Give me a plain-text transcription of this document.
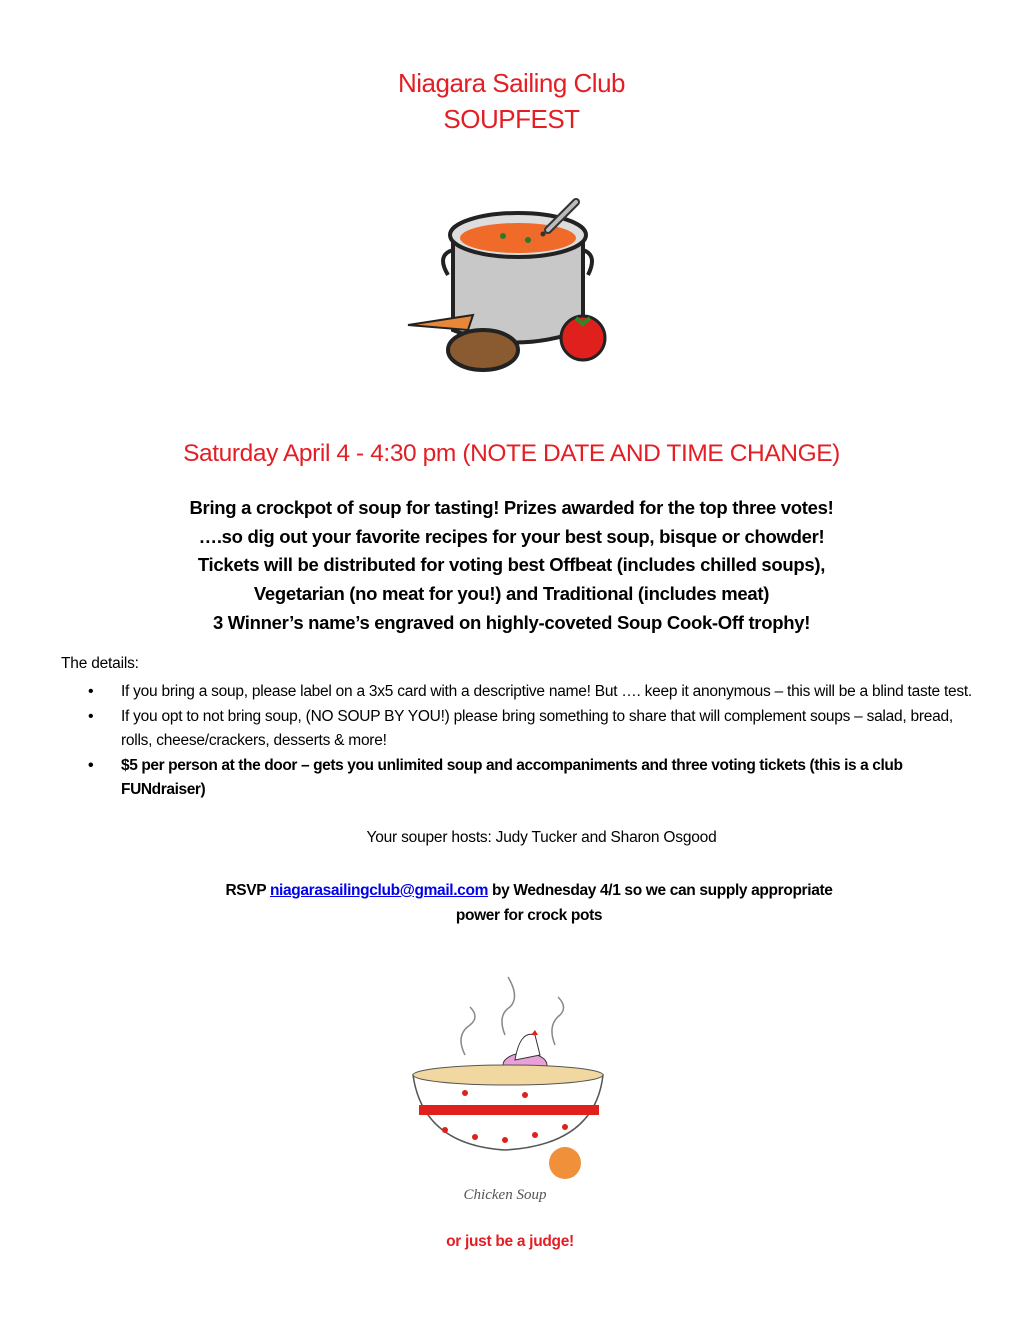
Niagara Sailing Club
SOUPFEST
Saturday April 4 - 4:30 pm (NOTE DATE AND TIME CHANGE)
Bring a crockpot of soup for tasting! Prizes awarded for the top three votes!
….so dig out your favorite recipes for your best soup, bisque or chowder!
Tickets will be distributed for voting best Offbeat (includes chilled soups),
Vegetarian (no meat for you!) and Traditional (includes meat)
3 Winner’s name’s engraved on highly-coveted Soup Cook-Off trophy!
The details:
• If you bring a soup, please label on a 3x5 card with a descriptive name! But …. keep it anonymous – this will be a blind taste test.
• If you opt to not bring soup, (NO SOUP BY YOU!) please bring something to share that will complement soups – salad, bread, rolls, cheese/crackers, desserts & more!
• $5 per person at the door – gets you unlimited soup and accompaniments and three voting tickets (this is a club FUNdraiser)
Your souper hosts: Judy Tucker and Sharon Osgood
RSVP niagarasailingclub@gmail.com by Wednesday 4/1 so we can supply appropriate
power for crock pots
Chicken Soup
or just be a judge!
